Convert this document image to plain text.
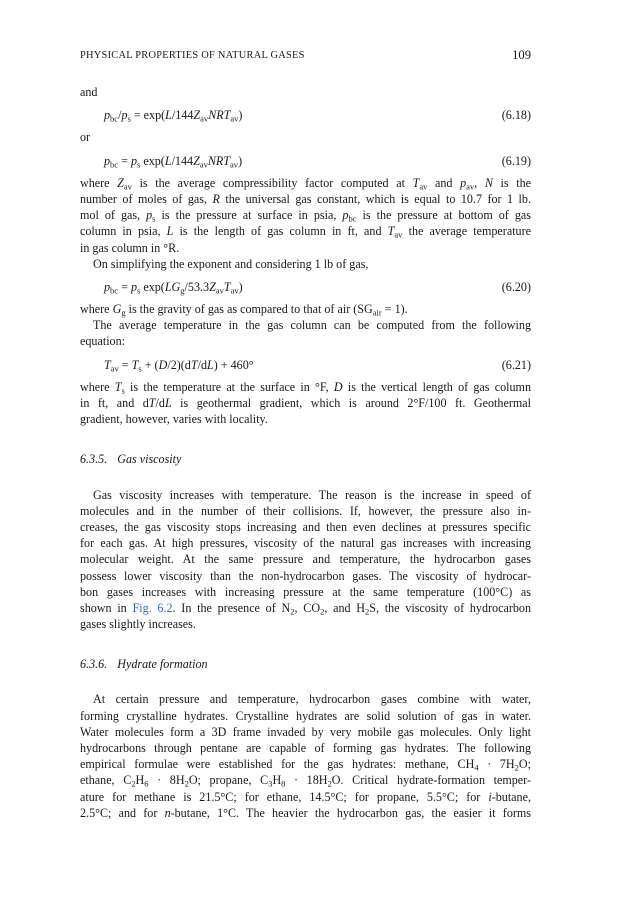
PHYSICAL PROPERTIES OF NATURAL GASES	109
and
$p_{bc}/p_s = \exp(L/144Z_{av}NRT_{av})$	(6.18)
or
$p_{bc} = p_s$ $\exp(L/144Z_{av}NRT_{av})$	(6.19)
where $Z_{av}$ is the average compressibility factor computed at $T_{av}$ and $p_{av}$, N is the
number of moles of gas, R the universal gas constant, which is equal to 10.7 for 1 lb.
mol of gas, $p_s$ is the pressure at surface in psia, $p_{bc}$ is the pressure at bottom of gas
column in psia, L is the length of gas column in ft, and $T_{av}$ the average temperature
in gas column in °R.
On simplifying the exponent and considering 1 lb of gas,
$p_{bc} = p_s$ $\exp(LG_g/53.3Z_{av}T_{av})$	(6.20)
where $G_g$ is the gravity of gas as compared to that of air $(SG_{air} = 1)$.
The average temperature in the gas column can be computed from the following
equation:
$T_{av} = T_s + (D/2)(dT/dL) + 460^\circ$	(6.21)
where $T_s$ is the temperature at the surface in °F, D is the vertical length of gas column
in ft, and dT/dL is geothermal gradient, which is around 2°F/100 ft. Geothermal
gradient, however, varies with locality.
6.3.5. Gas viscosity
Gas viscosity increases with temperature. The reason is the increase in speed of
molecules and in the number of their collisions. If, however, the pressure also in-
creases, the gas viscosity stops increasing and then even declines at pressures specific
for each gas. At high pressures, viscosity of the natural gas increases with increasing
molecular weight. At the same pressure and temperature, the hydrocarbon gases
possess lower viscosity than the non-hydrocarbon gases. The viscosity of hydrocar-
bon gases increases with increasing pressure at the same temperature (100°C) as
shown in Fig. 6.2. In the presence of $N_2$, $CO_2$, and $H_2S$, the viscosity of hydrocarbon
gases slightly increases.
6.3.6. Hydrate formation
At certain pressure and temperature, hydrocarbon gases combine with water,
forming crystalline hydrates. Crystalline hydrates are solid solution of gas in water.
Water molecules form a 3D frame invaded by very mobile gas molecules. Only light
hydrocarbons through pentane are capable of forming gas hydrates. The following
empirical formulae were established for the gas hydrates: methane, $CH_4 \cdot 7H_2O$;
ethane, $C_2H_6 \cdot 8H_2O$; propane, $C_3H_8 \cdot 18H_2O$. Critical hydrate-formation temper-
ature for methane is 21.5°C; for ethane, 14.5°C; for propane, 5.5°C; for i-butane,
2.5°C; and for n-butane, 1°C. The heavier the hydrocarbon gas, the easier it forms
